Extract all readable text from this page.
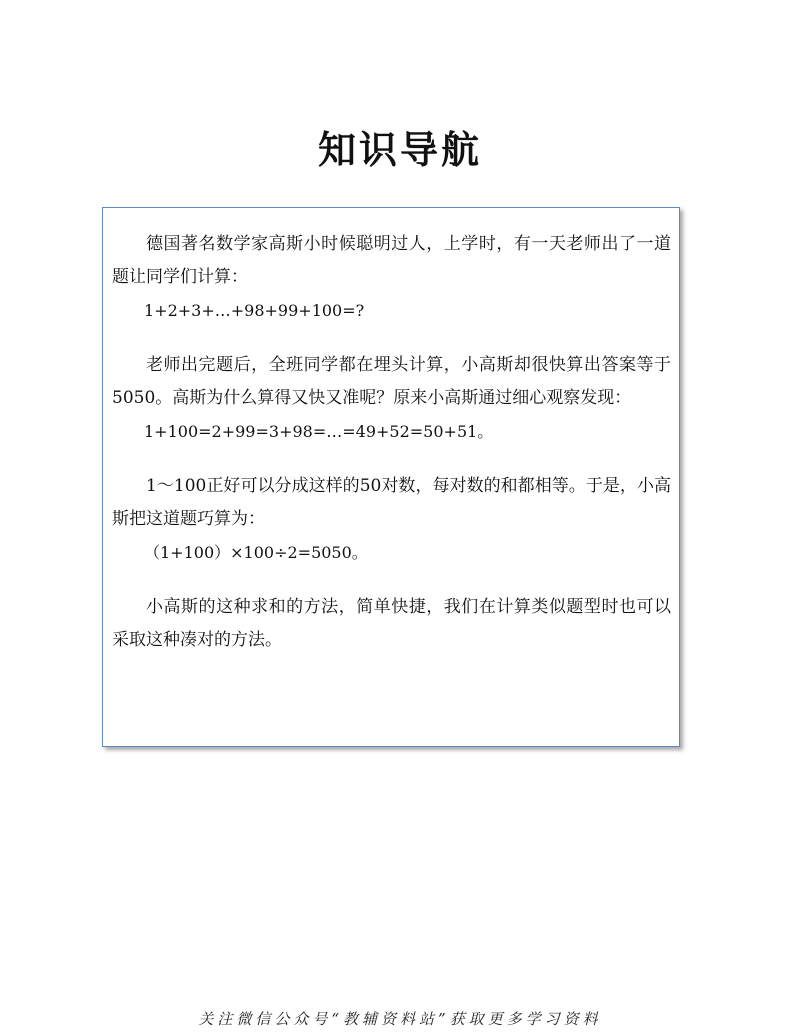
知识导航

德国著名数学家高斯小时候聪明过人，上学时，有一天老师出了一道题让同学们计算：

1+2+3+…+98+99+100=?

老师出完题后，全班同学都在埋头计算，小高斯却很快算出答案等于5050。高斯为什么算得又快又准呢？原来小高斯通过细心观察发现：

1+100=2+99=3+98=…=49+52=50+51。

1～100正好可以分成这样的50对数，每对数的和都相等。于是，小高斯把这道题巧算为：

（1+100）×100÷2=5050。

小高斯的这种求和的方法，简单快捷，我们在计算类似题型时也可以采取这种凑对的方法。

关注微信公众号“教辅资料站”获取更多学习资料
